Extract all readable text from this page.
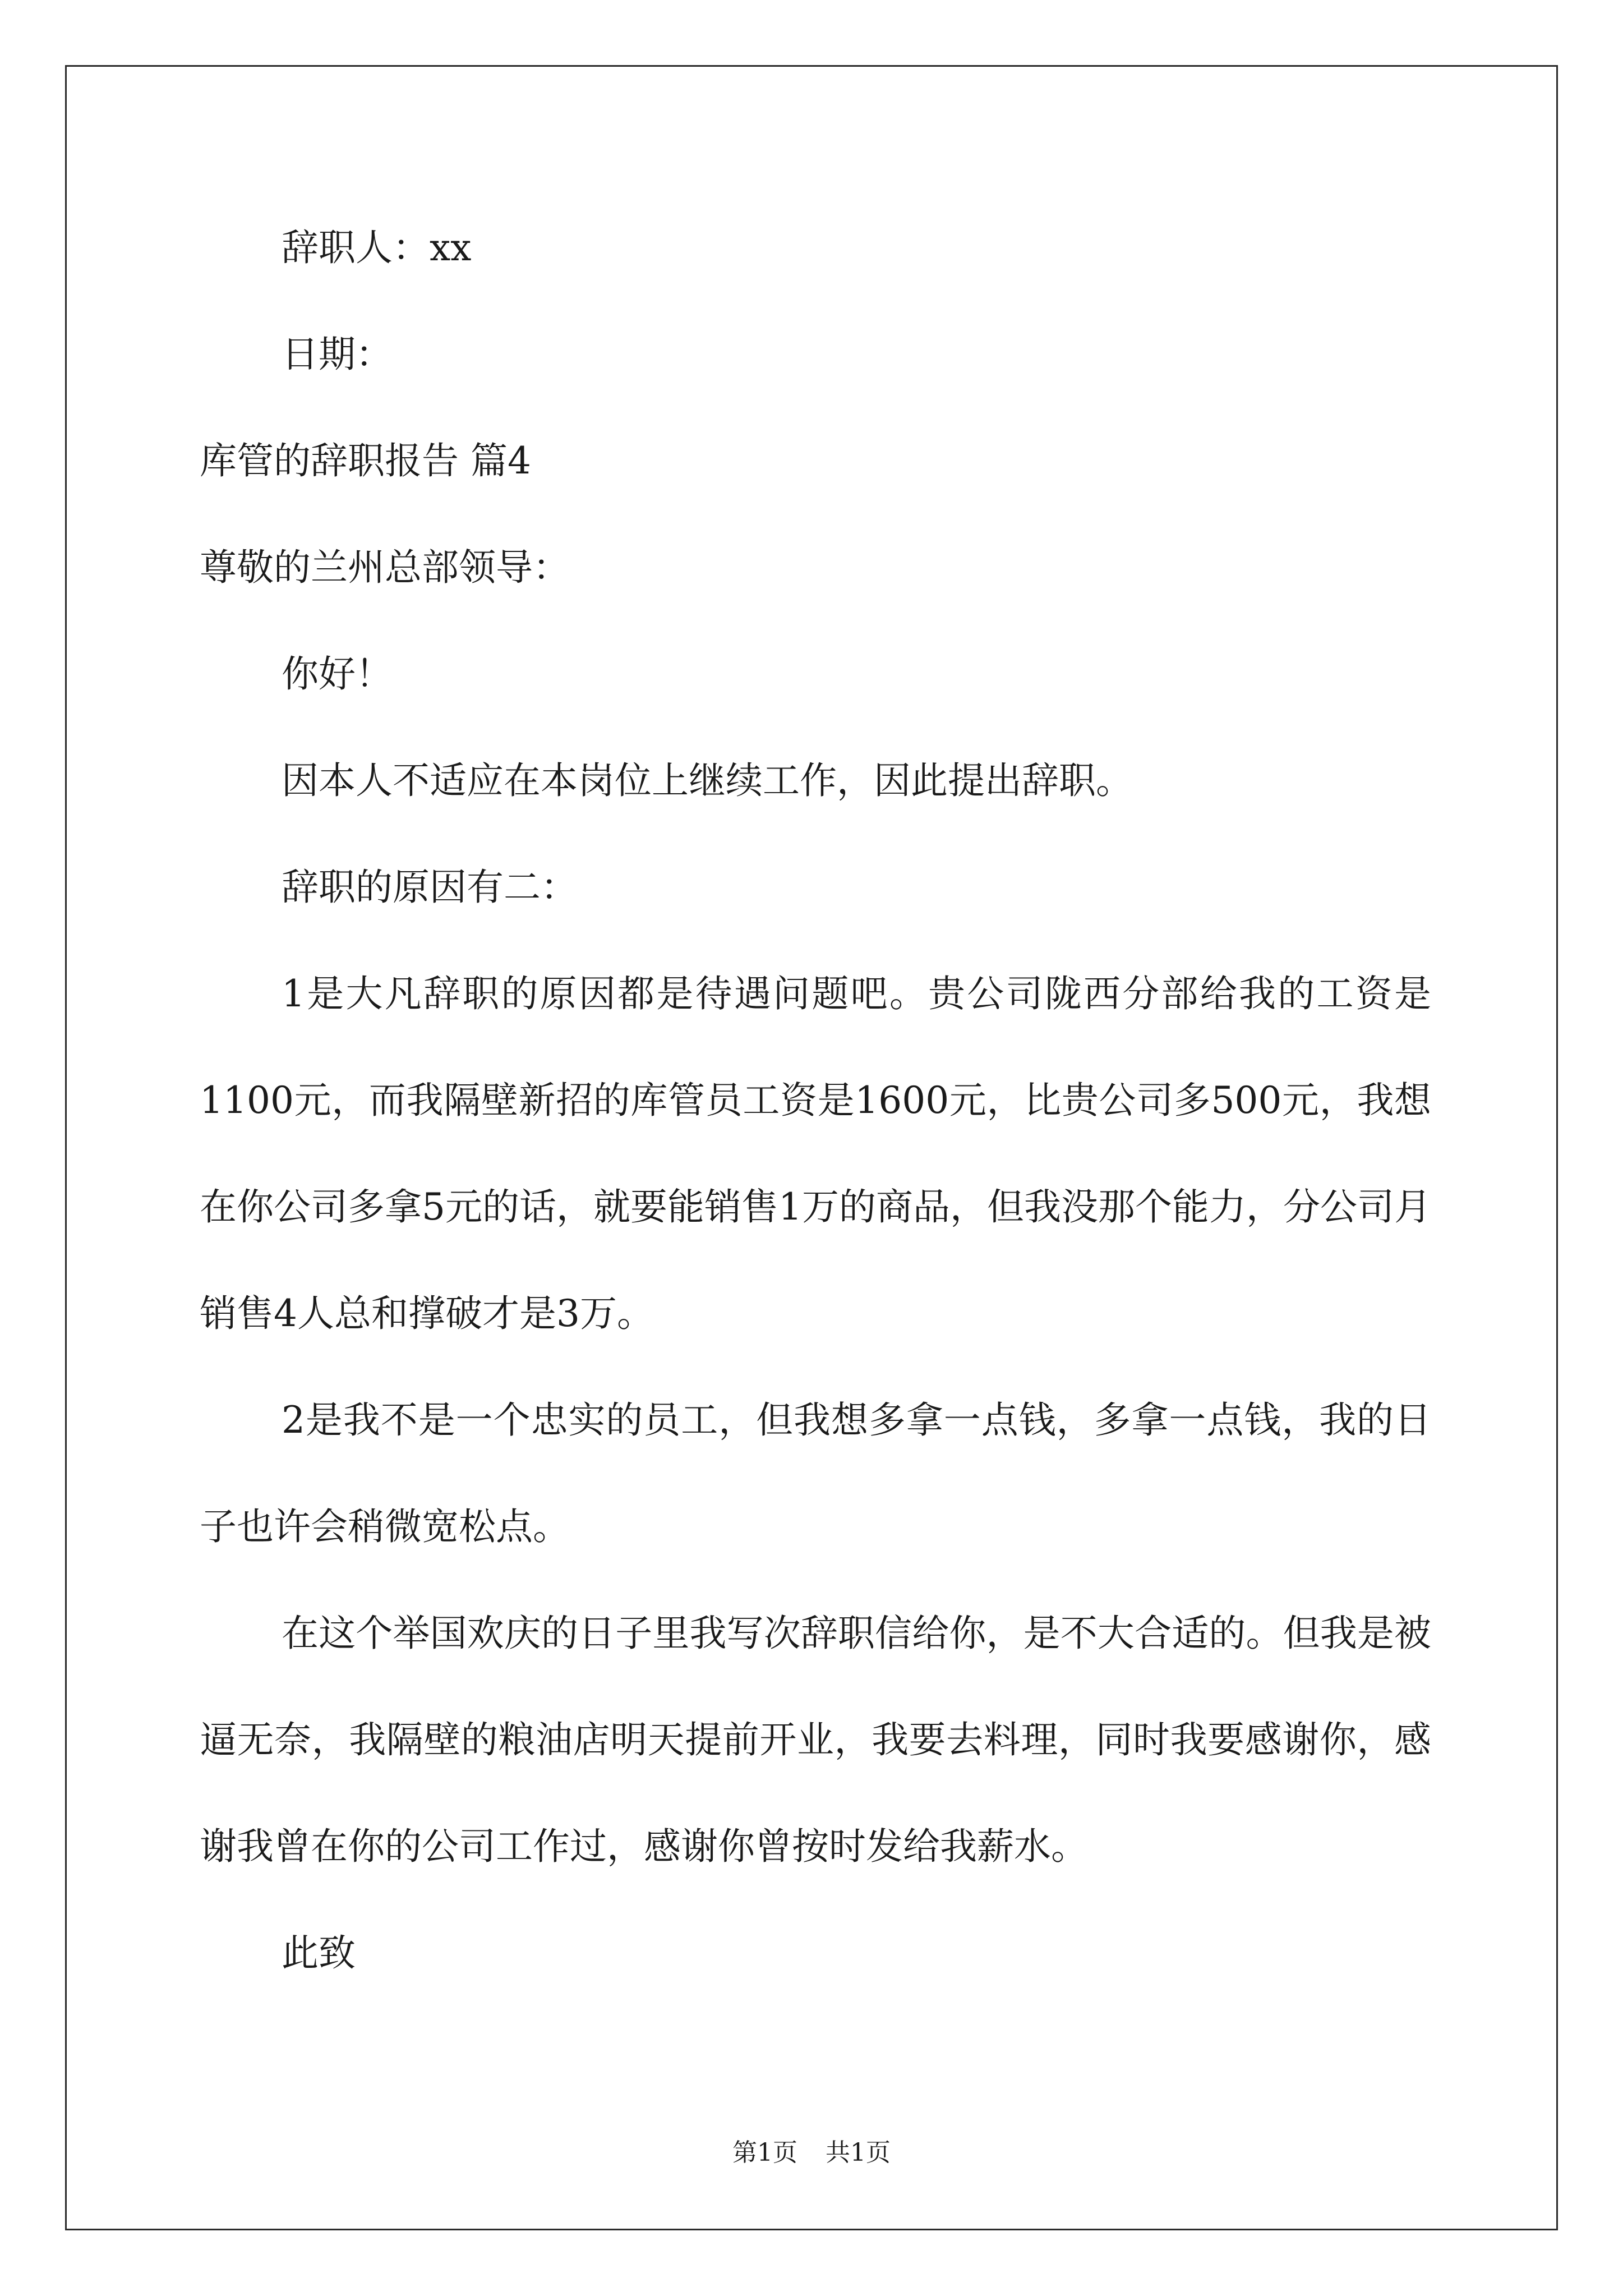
辞职人：xx
日期：
库管的辞职报告 篇4
尊敬的兰州总部领导：
你好！

因本人不适应在本岗位上继续工作，因此提出辞职。

辞职的原因有二：

1是大凡辞职的原因都是待遇问题吧。贵公司陇西分部给我的工资是1100元，而我隔壁新招的库管员工资是1600元，比贵公司多500元，我想在你公司多拿5元的话，就要能销售1万的商品，但我没那个能力，分公司月销售4人总和撑破才是3万。

2是我不是一个忠实的员工，但我想多拿一点钱，多拿一点钱，我的日子也许会稍微宽松点。

在这个举国欢庆的日子里我写次辞职信给你，是不大合适的。但我是被逼无奈，我隔壁的粮油店明天提前开业，我要去料理，同时我要感谢你，感谢我曾在你的公司工作过，感谢你曾按时发给我薪水。

此致

第1页 共1页
